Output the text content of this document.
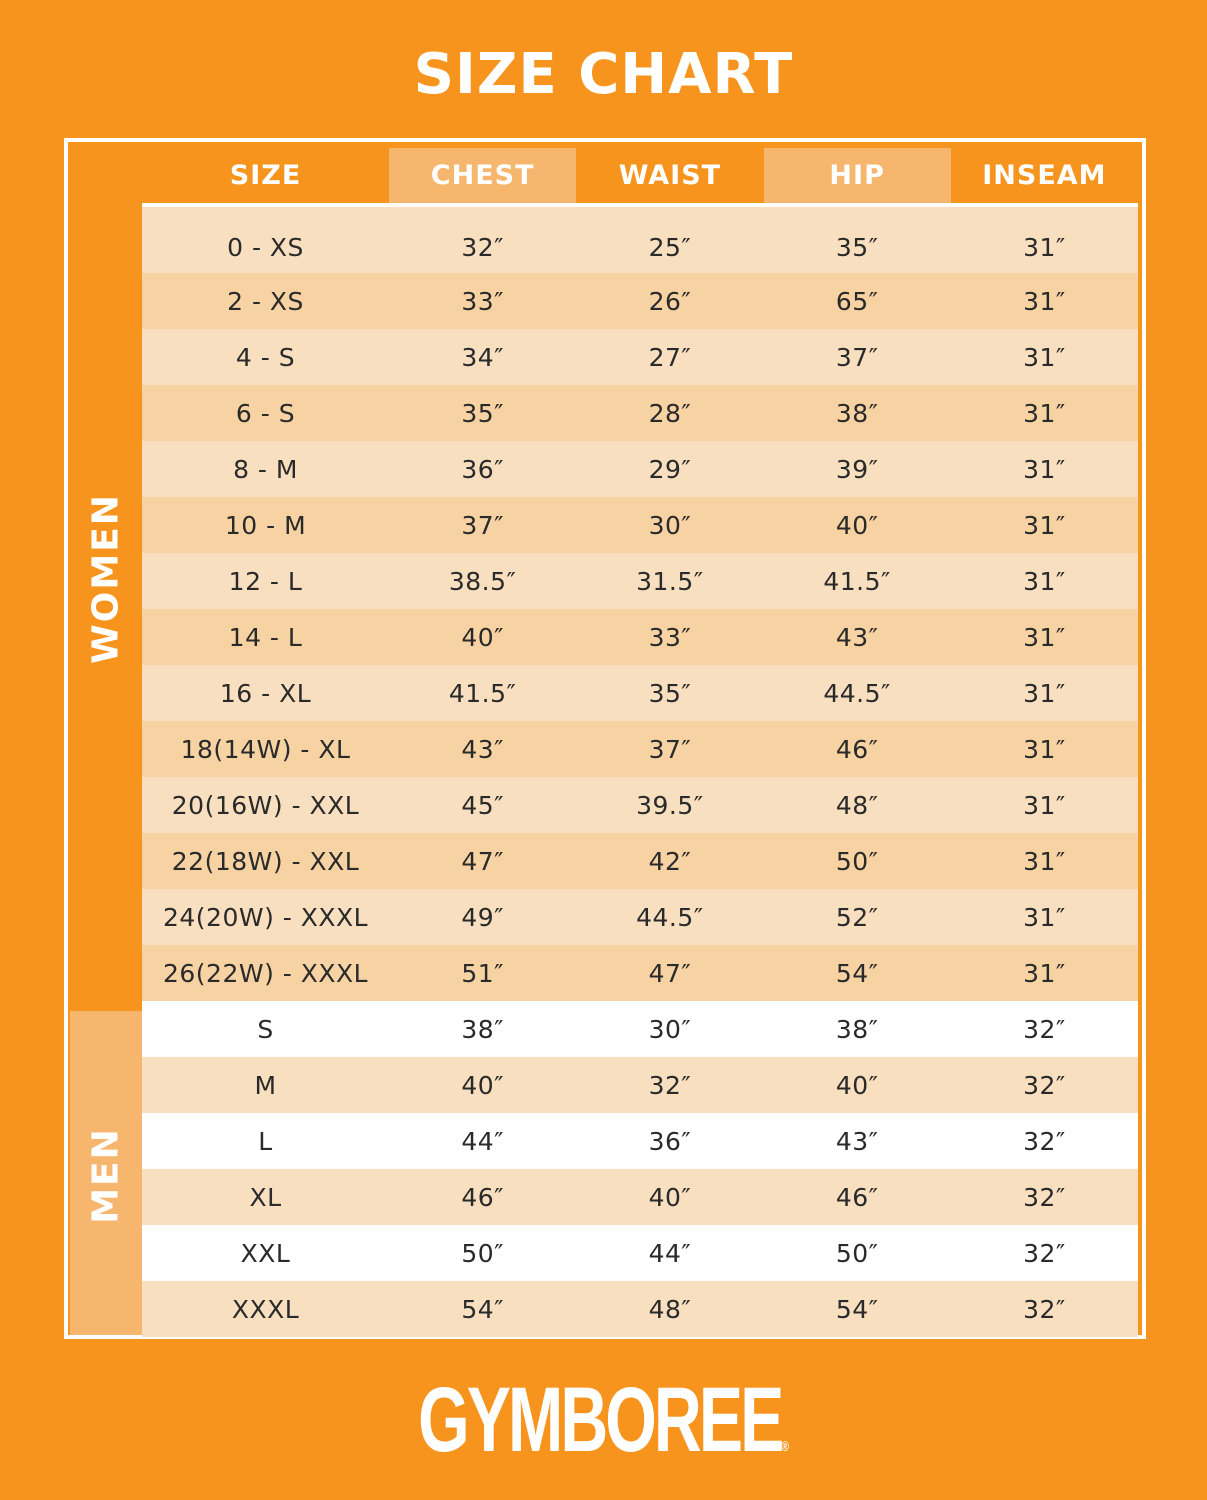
SIZE CHART
WOMEN
MEN
SIZE	CHEST	WAIST	HIP	INSEAM
0 - XS	32″	25″	35″	31″
2 - XS	33″	26″	65″	31″
4 - S	34″	27″	37″	31″
6 - S	35″	28″	38″	31″
8 - M	36″	29″	39″	31″
10 - M	37″	30″	40″	31″
12 - L	38.5″	31.5″	41.5″	31″
14 - L	40″	33″	43″	31″
16 - XL	41.5″	35″	44.5″	31″
18(14W) - XL	43″	37″	46″	31″
20(16W) - XXL	45″	39.5″	48″	31″
22(18W) - XXL	47″	42″	50″	31″
24(20W) - XXXL	49″	44.5″	52″	31″
26(22W) - XXXL	51″	47″	54″	31″
S	38″	30″	38″	32″
M	40″	32″	40″	32″
L	44″	36″	43″	32″
XL	46″	40″	46″	32″
XXL	50″	44″	50″	32″
XXXL	54″	48″	54″	32″
GYMBOREE®
